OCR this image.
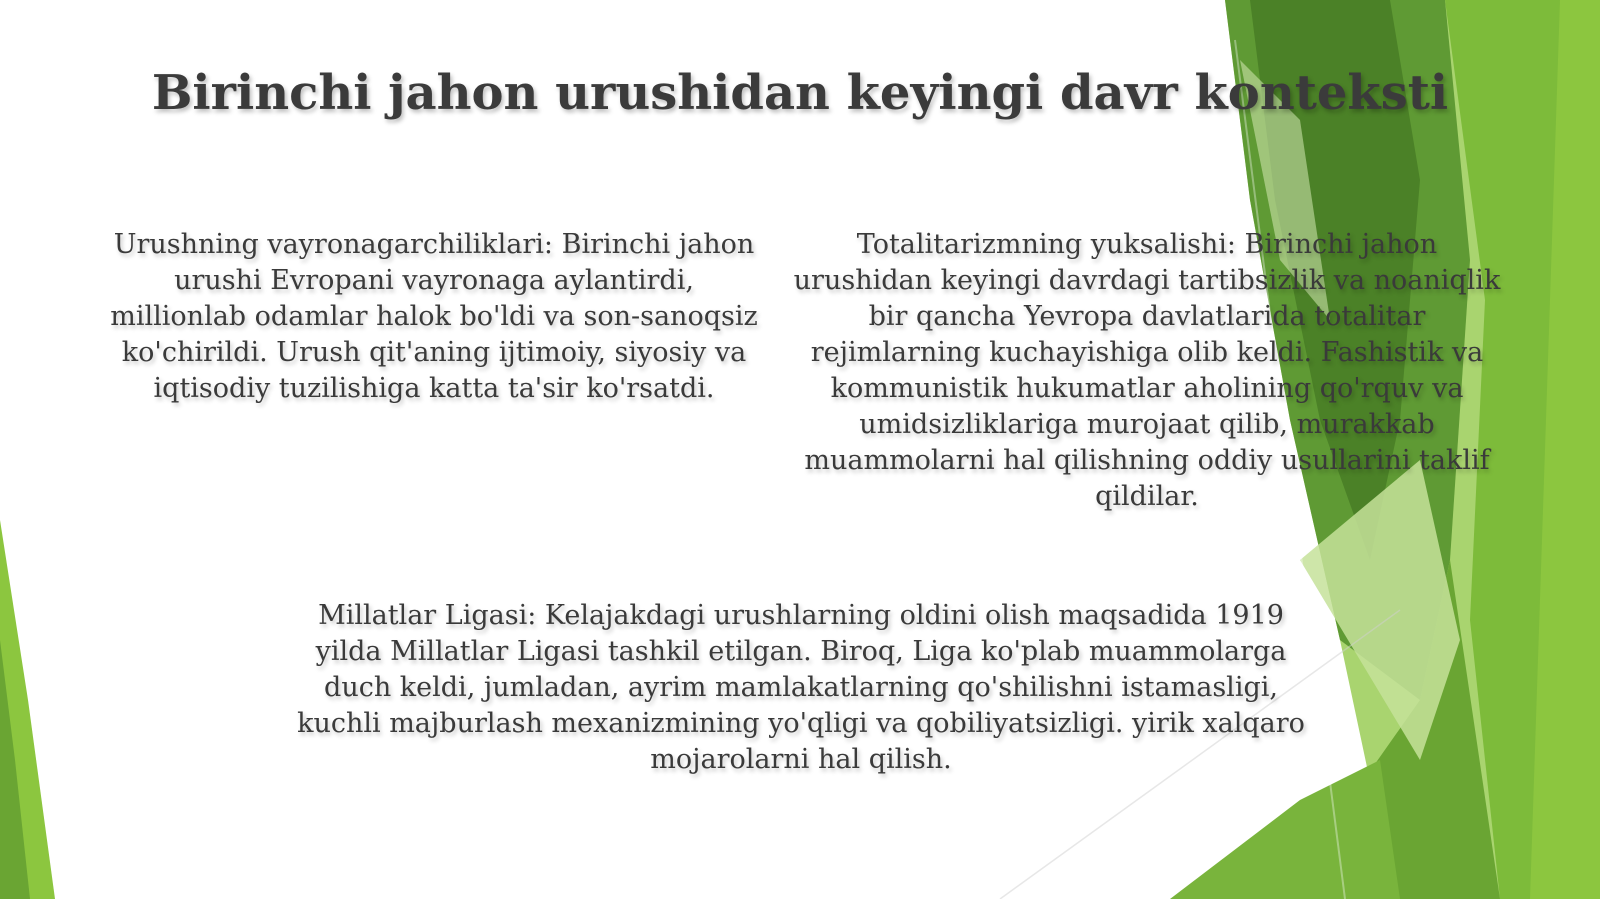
Birinchi jahon urushidan keyingi davr konteksti

Urushning vayronagarchiliklari: Birinchi jahon urushi Evropani vayronaga aylantirdi, millionlab odamlar halok bo'ldi va son-sanoqsiz ko'chirildi. Urush qit'aning ijtimoiy, siyosiy va iqtisodiy tuzilishiga katta ta'sir ko'rsatdi.

Totalitarizmning yuksalishi: Birinchi jahon urushidan keyingi davrdagi tartibsizlik va noaniqlik bir qancha Yevropa davlatlarida totalitar rejimlarning kuchayishiga olib keldi. Fashistik va kommunistik hukumatlar aholining qo'rquv va umidsizliklariga murojaat qilib, murakkab muammolarni hal qilishning oddiy usullarini taklif qildilar.

Millatlar Ligasi: Kelajakdagi urushlarning oldini olish maqsadida 1919 yilda Millatlar Ligasi tashkil etilgan. Biroq, Liga ko'plab muammolarga duch keldi, jumladan, ayrim mamlakatlarning qo'shilishni istamasligi, kuchli majburlash mexanizmining yo'qligi va qobiliyatsizligi. yirik xalqaro mojarolarni hal qilish.
